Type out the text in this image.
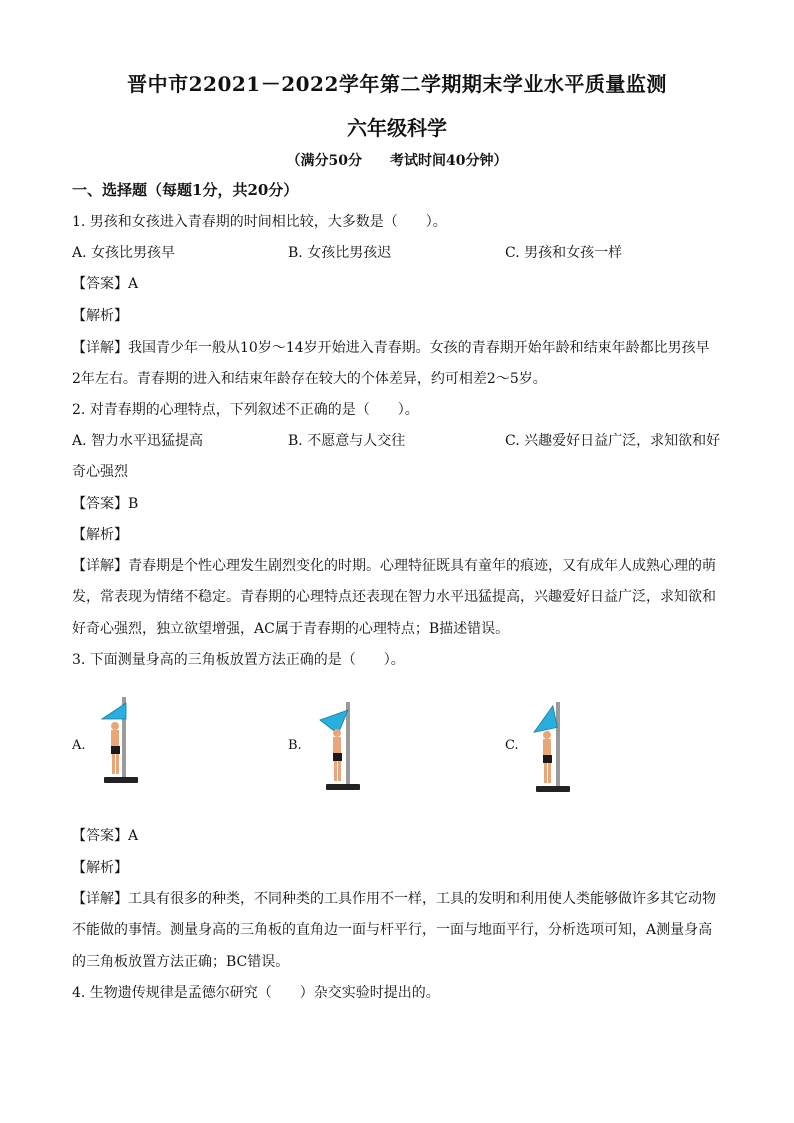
晋中市22021－2022学年第二学期期末学业水平质量监测
六年级科学
（满分50分　　考试时间40分钟）
一、选择题（每题1分，共20分）
1. 男孩和女孩进入青春期的时间相比较，大多数是（　　）。
A. 女孩比男孩早	B. 女孩比男孩迟	C. 男孩和女孩一样
【答案】A
【解析】
【详解】我国青少年一般从10岁～14岁开始进入青春期。女孩的青春期开始年龄和结束年龄都比男孩早
2年左右。青春期的进入和结束年龄存在较大的个体差异，约可相差2～5岁。
2. 对青春期的心理特点，下列叙述不正确的是（　　）。
A. 智力水平迅猛提高	B. 不愿意与人交往	C. 兴趣爱好日益广泛，求知欲和好
奇心强烈
【答案】B
【解析】
【详解】青春期是个性心理发生剧烈变化的时期。心理特征既具有童年的痕迹，又有成年人成熟心理的萌
发，常表现为情绪不稳定。青春期的心理特点还表现在智力水平迅猛提高，兴趣爱好日益广泛，求知欲和
好奇心强烈，独立欲望增强，AC属于青春期的心理特点；B描述错误。
3. 下面测量身高的三角板放置方法正确的是（　　）。
A.	B.	C.
【答案】A
【解析】
【详解】工具有很多的种类，不同种类的工具作用不一样，工具的发明和利用使人类能够做许多其它动物
不能做的事情。测量身高的三角板的直角边一面与杆平行，一面与地面平行，分析选项可知，A测量身高
的三角板放置方法正确；BC错误。
4. 生物遗传规律是孟德尔研究（　　）杂交实验时提出的。
